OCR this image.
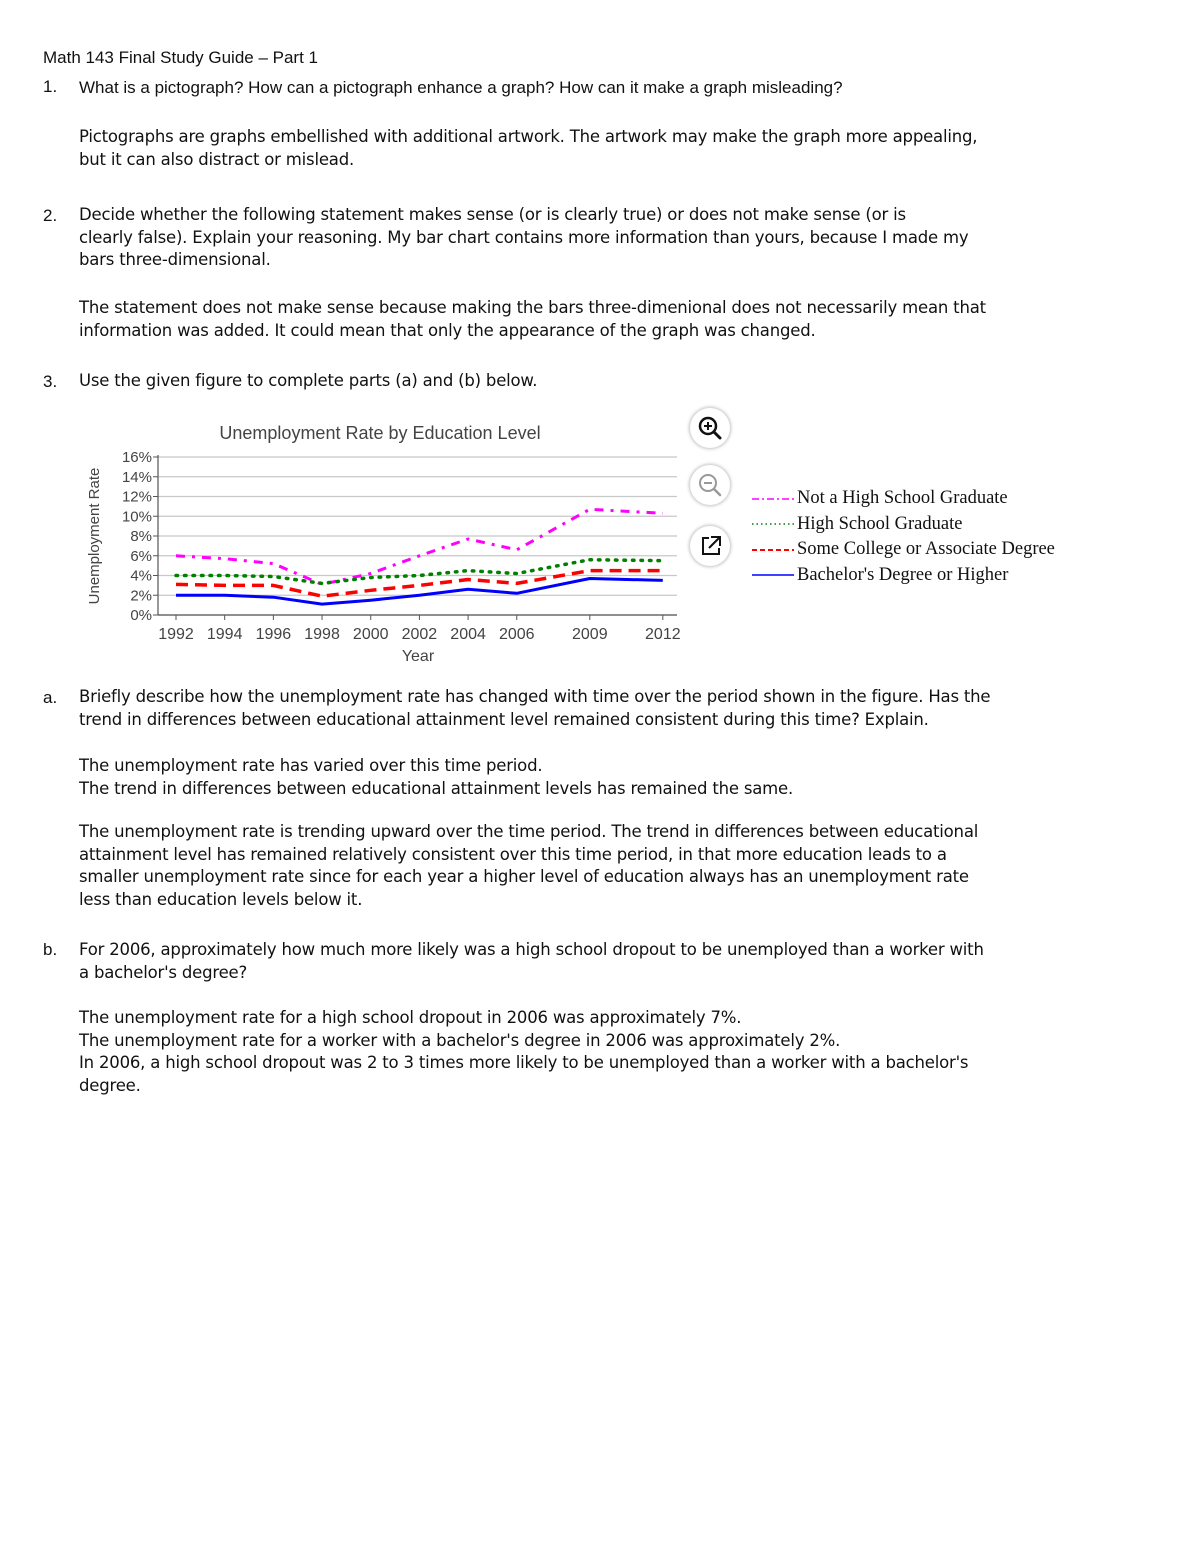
Math 143 Final Study Guide – Part 1
1. What is a pictograph? How can a pictograph enhance a graph? How can it make a graph misleading?
Pictographs are graphs embellished with additional artwork. The artwork may make the graph more appealing,
but it can also distract or mislead.
2. Decide whether the following statement makes sense (or is clearly true) or does not make sense (or is
clearly false). Explain your reasoning. My bar chart contains more information than yours, because I made my
bars three-dimensional.
The statement does not make sense because making the bars three-dimenional does not necessarily mean that
information was added. It could mean that only the appearance of the graph was changed.
3. Use the given figure to complete parts (a) and (b) below.
Unemployment Rate by Education Level
Unemployment Rate
Year
0%
2%
4%
6%
8%
10%
12%
14%
16%
1992 1994 1996 1998 2000 2002 2004 2006 2009 2012
Not a High School Graduate
High School Graduate
Some College or Associate Degree
Bachelor's Degree or Higher
a. Briefly describe how the unemployment rate has changed with time over the period shown in the figure. Has the
trend in differences between educational attainment level remained consistent during this time? Explain.
The unemployment rate has varied over this time period.
The trend in differences between educational attainment levels has remained the same.
The unemployment rate is trending upward over the time period. The trend in differences between educational
attainment level has remained relatively consistent over this time period, in that more education leads to a
smaller unemployment rate since for each year a higher level of education always has an unemployment rate
less than education levels below it.
b. For 2006, approximately how much more likely was a high school dropout to be unemployed than a worker with
a bachelor's degree?
The unemployment rate for a high school dropout in 2006 was approximately 7%.
The unemployment rate for a worker with a bachelor's degree in 2006 was approximately 2%.
In 2006, a high school dropout was 2 to 3 times more likely to be unemployed than a worker with a bachelor's
degree.
